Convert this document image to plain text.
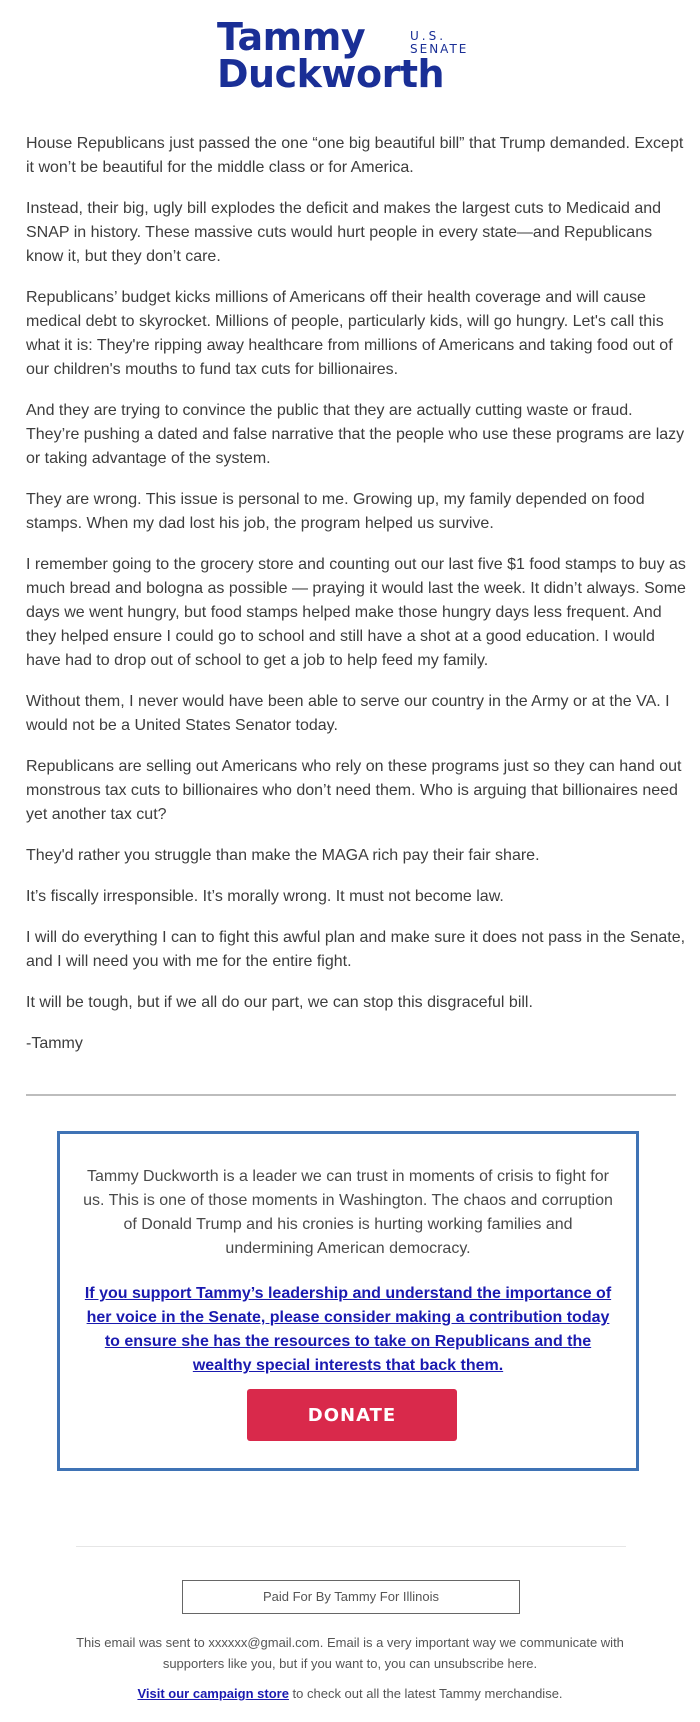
Tammy	U.S.
SENATE
Duckworth

House Republicans just passed the one “one big beautiful bill” that Trump demanded. Except it won’t be beautiful for the middle class or for America.

Instead, their big, ugly bill explodes the deficit and makes the largest cuts to Medicaid and SNAP in history. These massive cuts would hurt people in every state—and Republicans know it, but they don’t care.

Republicans’ budget kicks millions of Americans off their health coverage and will cause medical debt to skyrocket. Millions of people, particularly kids, will go hungry. Let's call this what it is: They're ripping away healthcare from millions of Americans and taking food out of our children's mouths to fund tax cuts for billionaires.

And they are trying to convince the public that they are actually cutting waste or fraud. They’re pushing a dated and false narrative that the people who use these programs are lazy or taking advantage of the system.

They are wrong. This issue is personal to me. Growing up, my family depended on food stamps. When my dad lost his job, the program helped us survive.

I remember going to the grocery store and counting out our last five $1 food stamps to buy as much bread and bologna as possible — praying it would last the week. It didn’t always. Some days we went hungry, but food stamps helped make those hungry days less frequent. And they helped ensure I could go to school and still have a shot at a good education. I would have had to drop out of school to get a job to help feed my family.

Without them, I never would have been able to serve our country in the Army or at the VA. I would not be a United States Senator today.

Republicans are selling out Americans who rely on these programs just so they can hand out monstrous tax cuts to billionaires who don’t need them. Who is arguing that billionaires need yet another tax cut?

They'd rather you struggle than make the MAGA rich pay their fair share.

It’s fiscally irresponsible. It’s morally wrong. It must not become law.

I will do everything I can to fight this awful plan and make sure it does not pass in the Senate, and I will need you with me for the entire fight.

It will be tough, but if we all do our part, we can stop this disgraceful bill.

-Tammy

Tammy Duckworth is a leader we can trust in moments of crisis to fight for us. This is one of those moments in Washington. The chaos and corruption of Donald Trump and his cronies is hurting working families and undermining American democracy.

If you support Tammy’s leadership and understand the importance of her voice in the Senate, please consider making a contribution today to ensure she has the resources to take on Republicans and the wealthy special interests that back them.

DONATE
Paid For By Tammy For Illinois

This email was sent to xxxxxx@gmail.com. Email is a very important way we communicate with supporters like you, but if you want to, you can unsubscribe here.

Visit our campaign store to check out all the latest Tammy merchandise.
